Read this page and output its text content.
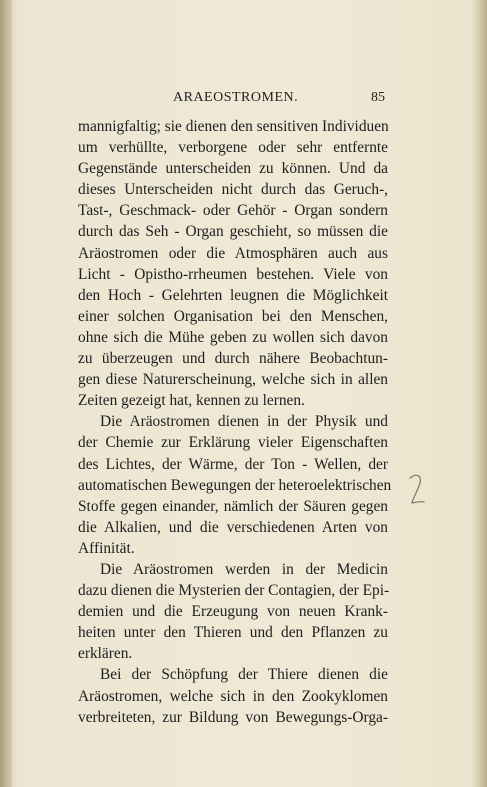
ARAEOSTROMEN.	85
mannigfaltig; sie dienen den sensitiven Individuen
um verhüllte, verborgene oder sehr entfernte
Gegenstände unterscheiden zu können. Und da
dieses Unterscheiden nicht durch das Geruch-,
Tast-, Geschmack- oder Gehör - Organ sondern
durch das Seh - Organ geschieht, so müssen die
Aräostromen oder die Atmosphären auch aus
Licht - Opistho-rrheumen bestehen. Viele von
den Hoch - Gelehrten leugnen die Möglichkeit
einer solchen Organisation bei den Menschen,
ohne sich die Mühe geben zu wollen sich davon
zu überzeugen und durch nähere Beobachtun-
gen diese Naturerscheinung, welche sich in allen
Zeiten gezeigt hat, kennen zu lernen.
Die Aräostromen dienen in der Physik und
der Chemie zur Erklärung vieler Eigenschaften
des Lichtes, der Wärme, der Ton - Wellen, der
automatischen Bewegungen der heteroelektrischen
Stoffe gegen einander, nämlich der Säuren gegen
die Alkalien, und die verschiedenen Arten von
Affinität.
Die Aräostromen werden in der Medicin
dazu dienen die Mysterien der Contagien, der Epi-
demien und die Erzeugung von neuen Krank-
heiten unter den Thieren und den Pflanzen zu
erklären.
Bei der Schöpfung der Thiere dienen die
Aräostromen, welche sich in den Zookyklomen
verbreiteten, zur Bildung von Bewegungs-Orga-
